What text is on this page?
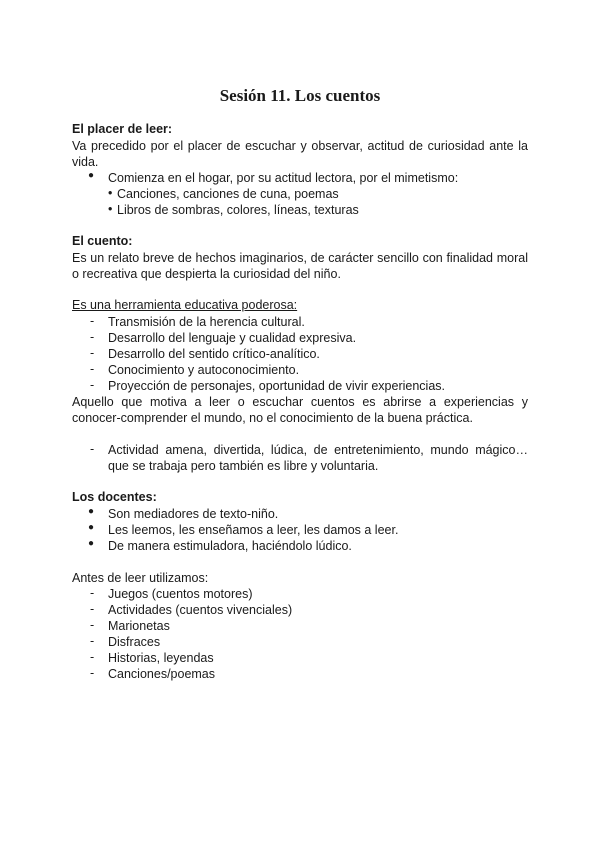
Sesión 11. Los cuentos
El placer de leer:
Va precedido por el placer de escuchar y observar, actitud de curiosidad ante la vida.
● Comienza en el hogar, por su actitud lectora, por el mimetismo:
• Canciones, canciones de cuna, poemas
• Libros de sombras, colores, líneas, texturas
El cuento:
Es un relato breve de hechos imaginarios, de carácter sencillo con finalidad moral o recreativa que despierta la curiosidad del niño.
Es una herramienta educativa poderosa:
- Transmisión de la herencia cultural.
- Desarrollo del lenguaje y cualidad expresiva.
- Desarrollo del sentido crítico-analítico.
- Conocimiento y autoconocimiento.
- Proyección de personajes, oportunidad de vivir experiencias.
Aquello que motiva a leer o escuchar cuentos es abrirse a experiencias y conocer-comprender el mundo, no el conocimiento de la buena práctica.
- Actividad amena, divertida, lúdica, de entretenimiento, mundo mágico… que se trabaja pero también es libre y voluntaria.
Los docentes:
● Son mediadores de texto-niño.
● Les leemos, les enseñamos a leer, les damos a leer.
● De manera estimuladora, haciéndolo lúdico.
Antes de leer utilizamos:
- Juegos (cuentos motores)
- Actividades (cuentos vivenciales)
- Marionetas
- Disfraces
- Historias, leyendas
- Canciones/poemas
